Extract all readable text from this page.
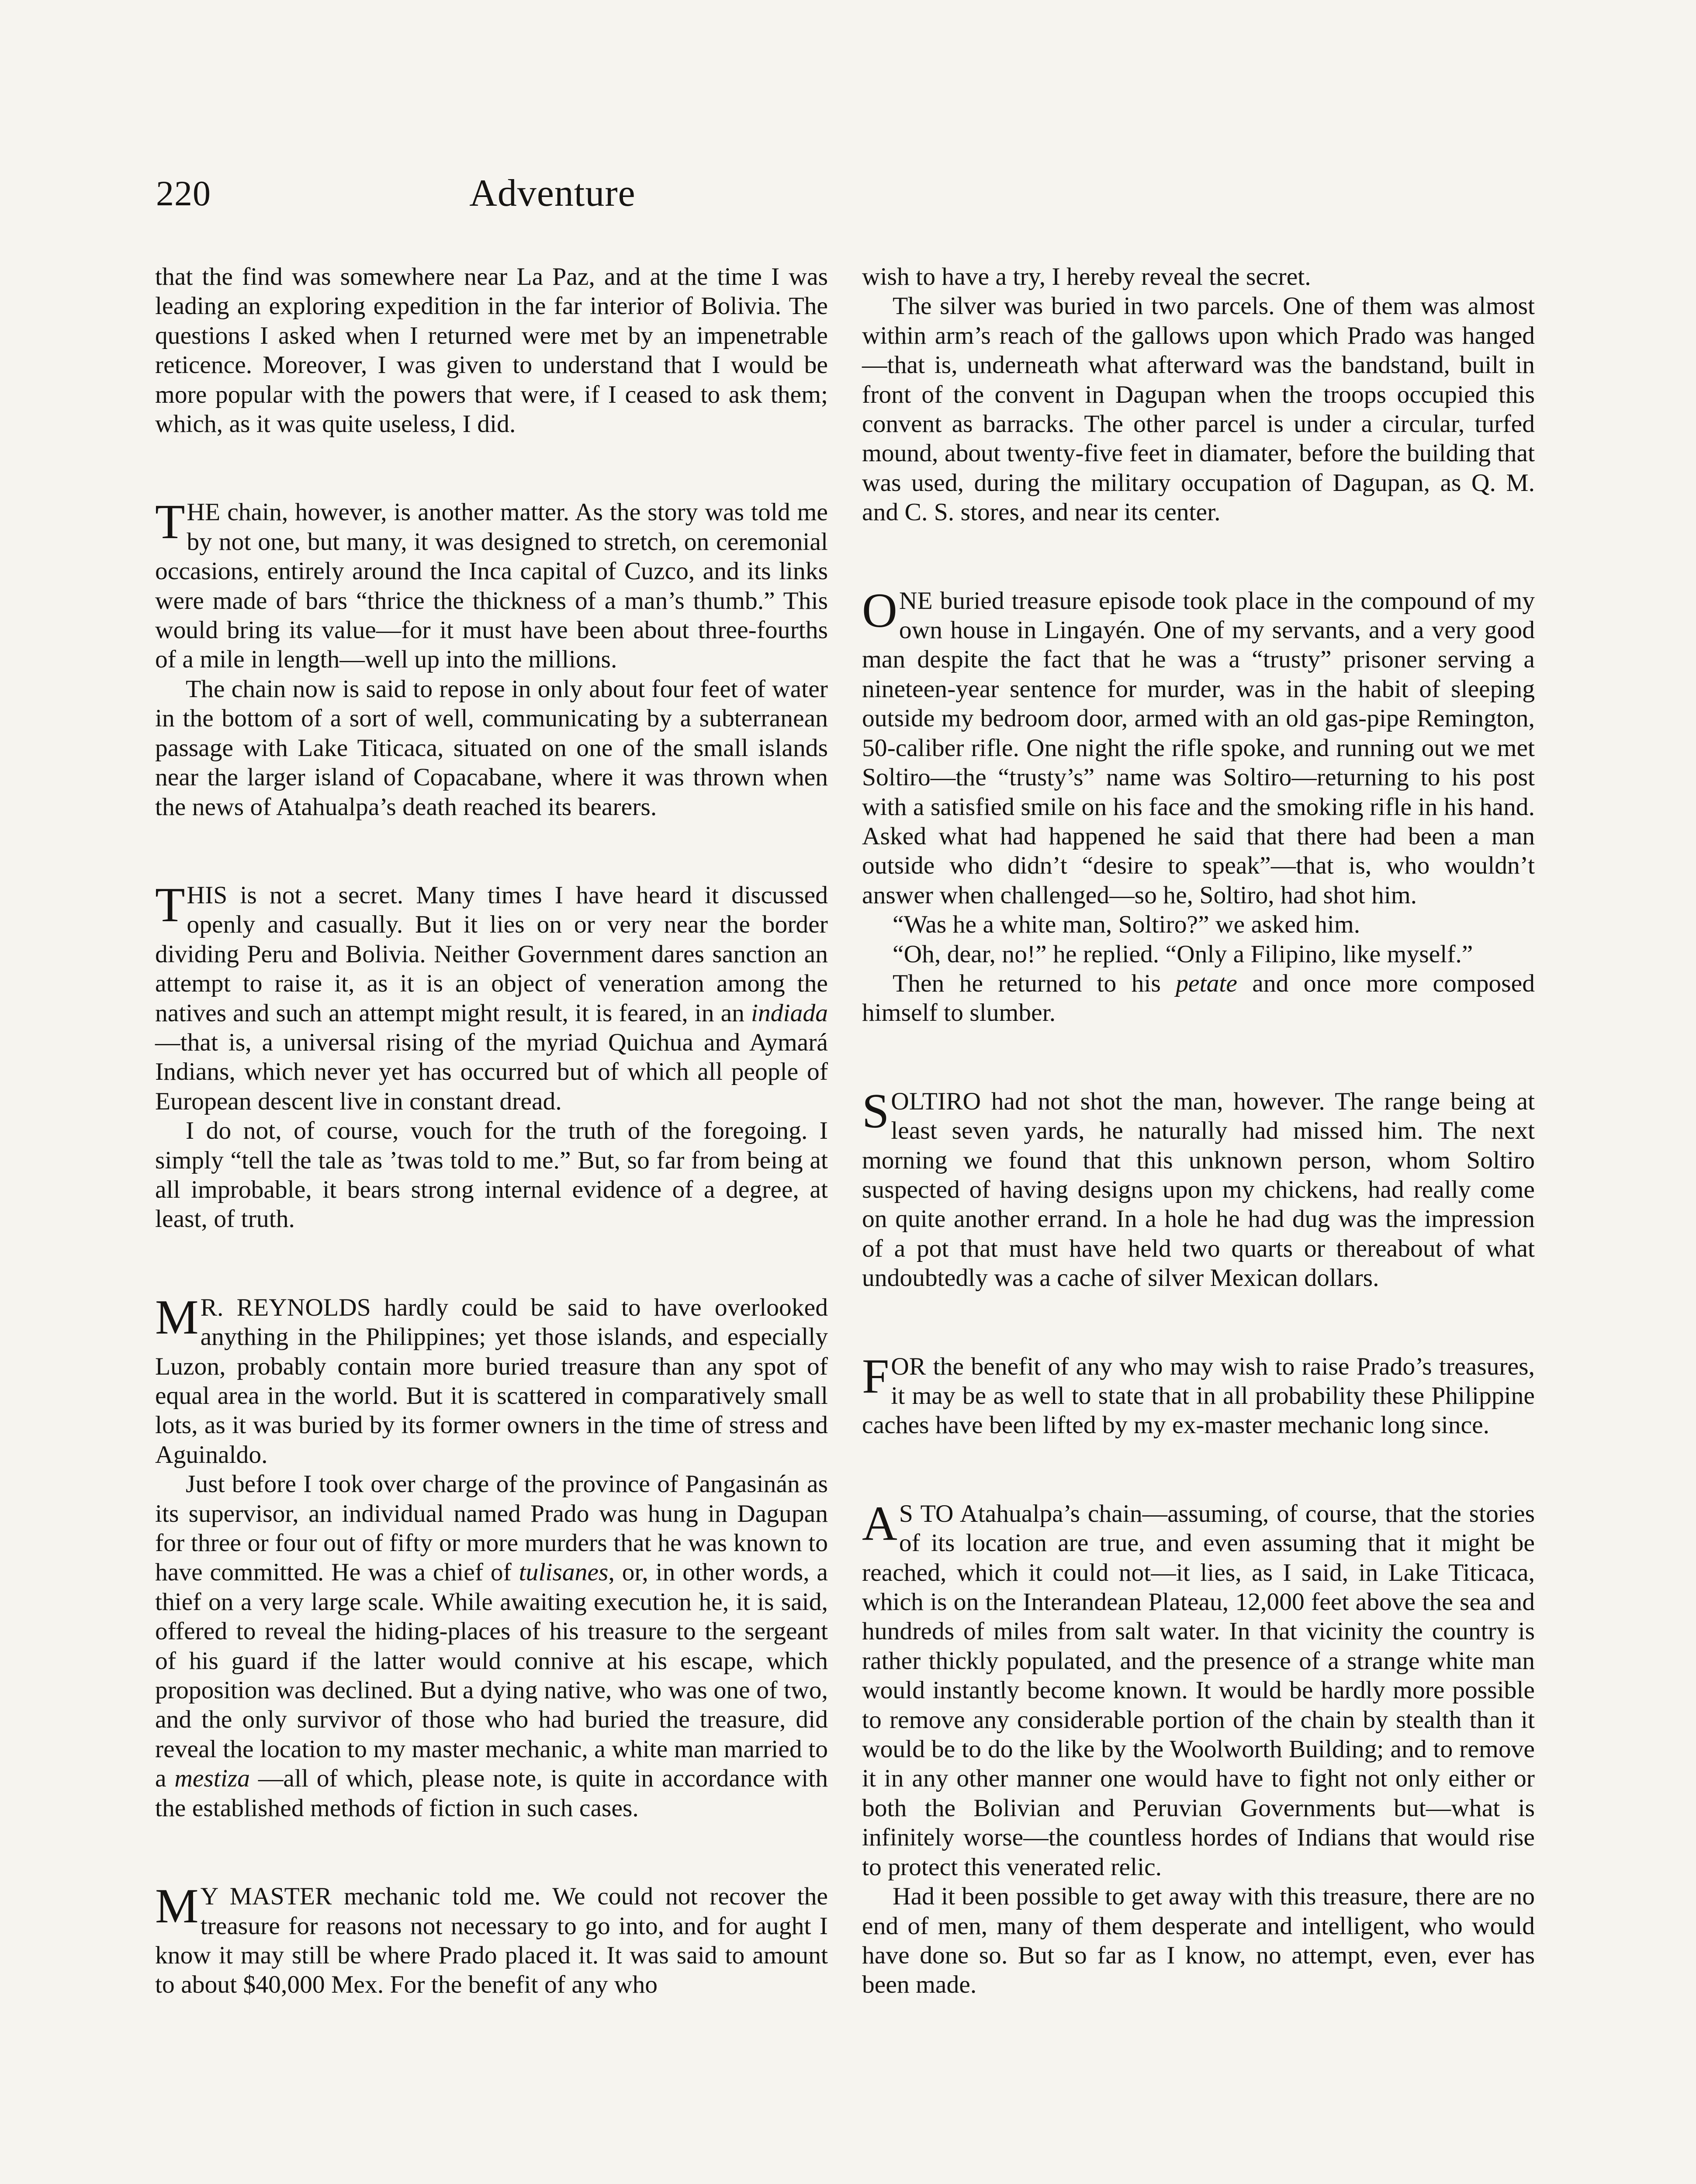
220	Adventure

that the find was somewhere near La Paz, and at the time I was leading an exploring expedition in the far interior of Bolivia. The questions I asked when I returned were met by an impenetrable reticence. Moreover, I was given to understand that I would be more popular with the powers that were, if I ceased to ask them; which, as it was quite useless, I did.

THE chain, however, is another matter. As the story was told me by not one, but many, it was designed to stretch, on ceremonial occasions, entirely around the Inca capital of Cuzco, and its links were made of bars “thrice the thickness of a man’s thumb.” This would bring its value—for it must have been about three-fourths of a mile in length—well up into the millions.

The chain now is said to repose in only about four feet of water in the bottom of a sort of well, communicating by a subterranean passage with Lake Titicaca, situated on one of the small islands near the larger island of Copacabane, where it was thrown when the news of Atahualpa’s death reached its bearers.

THIS is not a secret. Many times I have heard it discussed openly and casually. But it lies on or very near the border dividing Peru and Bolivia. Neither Government dares sanction an attempt to raise it, as it is an object of veneration among the natives and such an attempt might result, it is feared, in an indiada—that is, a universal rising of the myriad Quichua and Aymará Indians, which never yet has occurred but of which all people of European descent live in constant dread.

I do not, of course, vouch for the truth of the foregoing. I simply “tell the tale as ’twas told to me.” But, so far from being at all improbable, it bears strong internal evidence of a degree, at least, of truth.

MR. REYNOLDS hardly could be said to have overlooked anything in the Philippines; yet those islands, and especially Luzon, probably contain more buried treasure than any spot of equal area in the world. But it is scattered in comparatively small lots, as it was buried by its former owners in the time of stress and Aguinaldo.

Just before I took over charge of the province of Pangasinán as its supervisor, an individual named Prado was hung in Dagupan for three or four out of fifty or more murders that he was known to have committed. He was a chief of tulisanes, or, in other words, a thief on a very large scale. While awaiting execution he, it is said, offered to reveal the hiding-places of his treasure to the sergeant of his guard if the latter would connive at his escape, which proposition was declined. But a dying native, who was one of two, and the only survivor of those who had buried the treasure, did reveal the location to my master mechanic, a white man married to a mestiza —all of which, please note, is quite in accordance with the established methods of fiction in such cases.

MY MASTER mechanic told me. We could not recover the treasure for reasons not necessary to go into, and for aught I know it may still be where Prado placed it. It was said to amount to about $40,000 Mex. For the benefit of any who

wish to have a try, I hereby reveal the secret.

The silver was buried in two parcels. One of them was almost within arm’s reach of the gallows upon which Prado was hanged—that is, underneath what afterward was the bandstand, built in front of the convent in Dagupan when the troops occupied this convent as barracks. The other parcel is under a circular, turfed mound, about twenty-five feet in diamater, before the building that was used, during the military occupation of Dagupan, as Q. M. and C. S. stores, and near its center.

ONE buried treasure episode took place in the compound of my own house in Lingayén. One of my servants, and a very good man despite the fact that he was a “trusty” prisoner serving a nineteen-year sentence for murder, was in the habit of sleeping outside my bedroom door, armed with an old gas-pipe Remington, 50-caliber rifle. One night the rifle spoke, and running out we met Soltiro—the “trusty’s” name was Soltiro—returning to his post with a satisfied smile on his face and the smoking rifle in his hand. Asked what had happened he said that there had been a man outside who didn’t “desire to speak”—that is, who wouldn’t answer when challenged—so he, Soltiro, had shot him.

“Was he a white man, Soltiro?” we asked him.

“Oh, dear, no!” he replied. “Only a Filipino, like myself.”

Then he returned to his petate and once more composed himself to slumber.

SOLTIRO had not shot the man, however. The range being at least seven yards, he naturally had missed him. The next morning we found that this unknown person, whom Soltiro suspected of having designs upon my chickens, had really come on quite another errand. In a hole he had dug was the impression of a pot that must have held two quarts or thereabout of what undoubtedly was a cache of silver Mexican dollars.

FOR the benefit of any who may wish to raise Prado’s treasures, it may be as well to state that in all probability these Philippine caches have been lifted by my ex-master mechanic long since.

AS TO Atahualpa’s chain—assuming, of course, that the stories of its location are true, and even assuming that it might be reached, which it could not—it lies, as I said, in Lake Titicaca, which is on the Interandean Plateau, 12,000 feet above the sea and hundreds of miles from salt water. In that vicinity the country is rather thickly populated, and the presence of a strange white man would instantly become known. It would be hardly more possible to remove any considerable portion of the chain by stealth than it would be to do the like by the Woolworth Building; and to remove it in any other manner one would have to fight not only either or both the Bolivian and Peruvian Governments but—what is infinitely worse—the countless hordes of Indians that would rise to protect this venerated relic.

Had it been possible to get away with this treasure, there are no end of men, many of them desperate and intelligent, who would have done so. But so far as I know, no attempt, even, ever has been made.
